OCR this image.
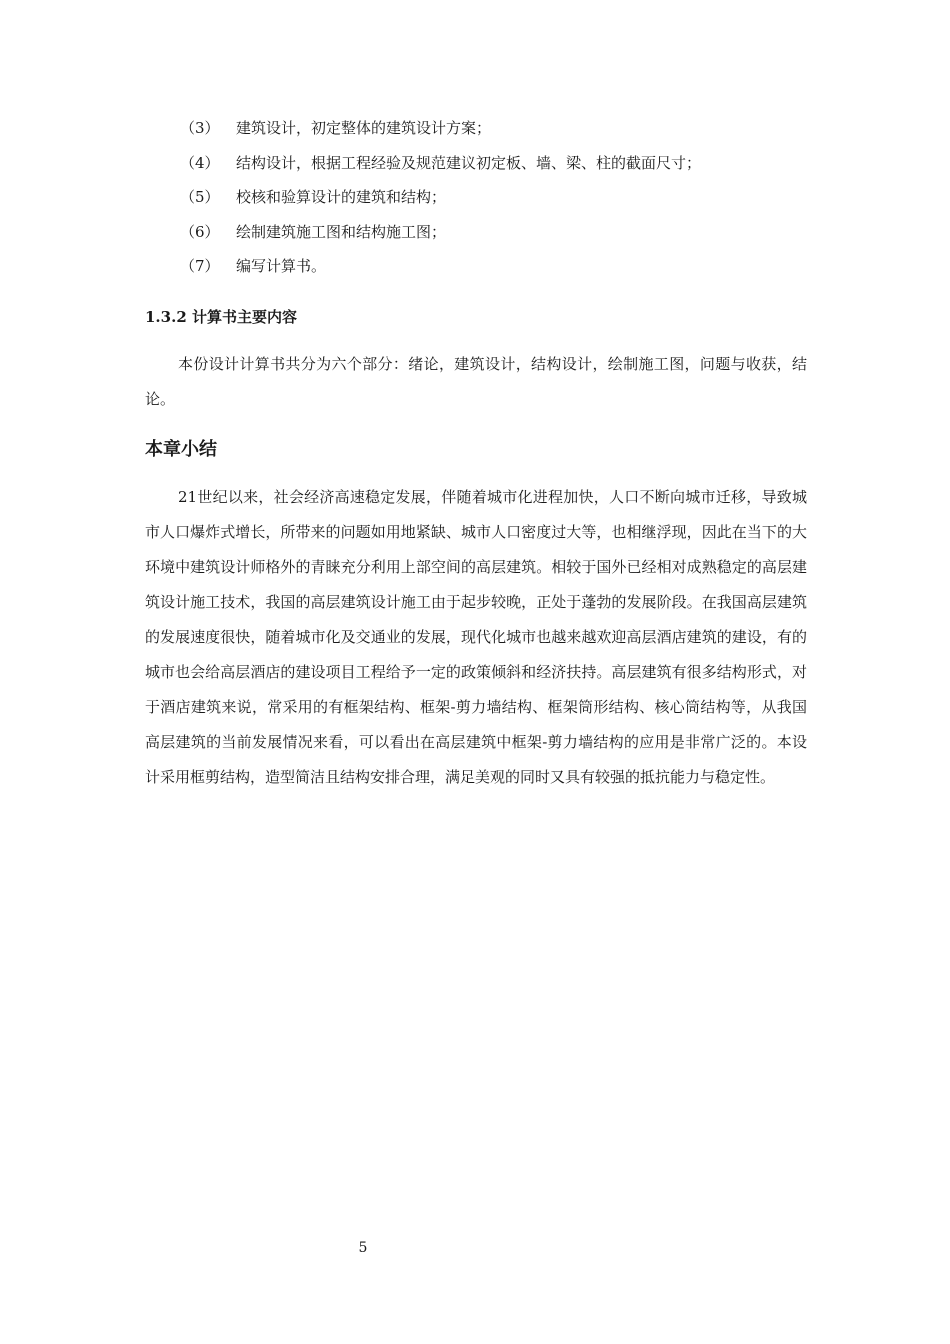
（3）	建筑设计，初定整体的建筑设计方案；
（4）	结构设计，根据工程经验及规范建议初定板、墙、梁、柱的截面尺寸；
（5）	校核和验算设计的建筑和结构；
（6）	绘制建筑施工图和结构施工图；
（7）	编写计算书。
1.3.2 计算书主要内容

本份设计计算书共分为六个部分：绪论，建筑设计，结构设计，绘制施工图，问题与收获，结论。

本章小结

21世纪以来，社会经济高速稳定发展，伴随着城市化进程加快，人口不断向城市迁移，导致城市人口爆炸式增长，所带来的问题如用地紧缺、城市人口密度过大等，也相继浮现，因此在当下的大环境中建筑设计师格外的青睐充分利用上部空间的高层建筑。相较于国外已经相对成熟稳定的高层建筑设计施工技术，我国的高层建筑设计施工由于起步较晚，正处于蓬勃的发展阶段。在我国高层建筑的发展速度很快，随着城市化及交通业的发展，现代化城市也越来越欢迎高层酒店建筑的建设，有的城市也会给高层酒店的建设项目工程给予一定的政策倾斜和经济扶持。高层建筑有很多结构形式，对于酒店建筑来说，常采用的有框架结构、框架-剪力墙结构、框架筒形结构、核心筒结构等，从我国高层建筑的当前发展情况来看，可以看出在高层建筑中框架-剪力墙结构的应用是非常广泛的。本设计采用框剪结构，造型简洁且结构安排合理，满足美观的同时又具有较强的抵抗能力与稳定性。

5
